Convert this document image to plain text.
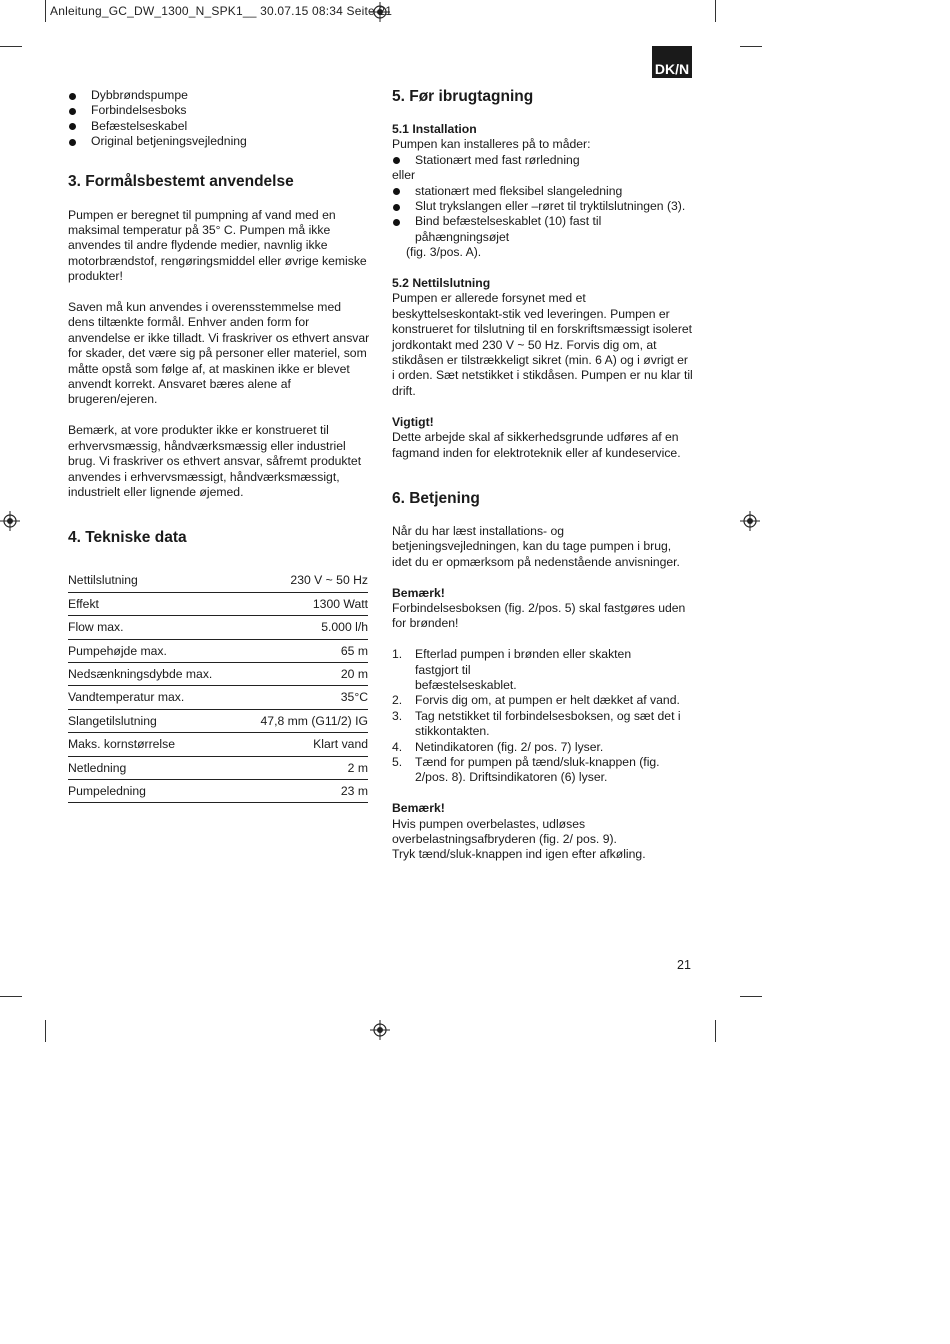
Anleitung_GC_DW_1300_N_SPK1__ 30.07.15 08:34 Seite 21
DK/N
Dybbrøndspumpe
Forbindelsesboks
Befæstelseskabel
Original betjeningsvejledning
3. Formålsbestemt anvendelse

Pumpen er beregnet til pumpning af vand med en maksimal temperatur på 35° C. Pumpen må ikke anvendes til andre flydende medier, navnlig ikke motorbrændstof, rengøringsmiddel eller øvrige kemiske produkter!

Saven må kun anvendes i overensstemmelse med dens tiltænkte formål. Enhver anden form for anvendelse er ikke tilladt. Vi fraskriver os ethvert ansvar for skader, det være sig på personer eller materiel, som måtte opstå som følge af, at maskinen ikke er blevet anvendt korrekt. Ansvaret bæres alene af brugeren/ejeren.

Bemærk, at vore produkter ikke er konstrueret til erhvervsmæssig, håndværksmæssig eller industriel brug. Vi fraskriver os ethvert ansvar, såfremt produktet anvendes i erhvervsmæssigt, håndværksmæssigt, industrielt eller lignende øjemed.

4. Tekniske data
Nettilslutning	230 V ~ 50 Hz
Effekt	1300 Watt
Flow max.	5.000 l/h
Pumpehøjde max.	65 m
Nedsænkningsdybde max.	20 m
Vandtemperatur max.	35°C
Slangetilslutning	47,8 mm (G11/2) IG
Maks. kornstørrelse	Klart vand
Netledning	2 m
Pumpeledning	23 m
5. Før ibrugtagning
5.1 Installation

Pumpen kan installeres på to måder:

Stationært med fast rørledning

eller

stationært med fleksibel slangeledning
Slut trykslangen eller –røret til tryktilslutningen (3).
Bind befæstelseskablet (10) fast til påhængningsøjet

(fig. 3/pos. A).

5.2 Nettilslutning

Pumpen er allerede forsynet med et beskyttelseskontakt-stik ved leveringen. Pumpen er konstrueret for tilslutning til en forskriftsmæssigt isoleret jordkontakt med 230 V ~ 50 Hz. Forvis dig om, at stikdåsen er tilstrækkeligt sikret (min. 6 A) og i øvrigt er i orden. Sæt netstikket i stikdåsen. Pumpen er nu klar til drift.

Vigtigt!

Dette arbejde skal af sikkerhedsgrunde udføres af en fagmand inden for elektroteknik eller af kundeservice.

6. Betjening

Når du har læst installations- og betjeningsvejledningen, kan du tage pumpen i brug, idet du er opmærksom på nedenstående anvisninger.

Bemærk!

Forbindelsesboksen (fig. 2/pos. 5) skal fastgøres uden for brønden!

1. Efterlad pumpen i brønden eller skakten fastgjort til
befæstelseskablet.
2. Forvis dig om, at pumpen er helt dækket af vand.
3. Tag netstikket til forbindelsesboksen, og sæt det i stikkontakten.
4. Netindikatoren (fig. 2/ pos. 7) lyser.
5. Tænd for pumpen på tænd/sluk-knappen (fig. 2/pos. 8). Driftsindikatoren (6) lyser.
Bemærk!

Hvis pumpen overbelastes, udløses overbelastningsafbryderen (fig. 2/ pos. 9).

Tryk tænd/sluk-knappen ind igen efter afkøling.

21
